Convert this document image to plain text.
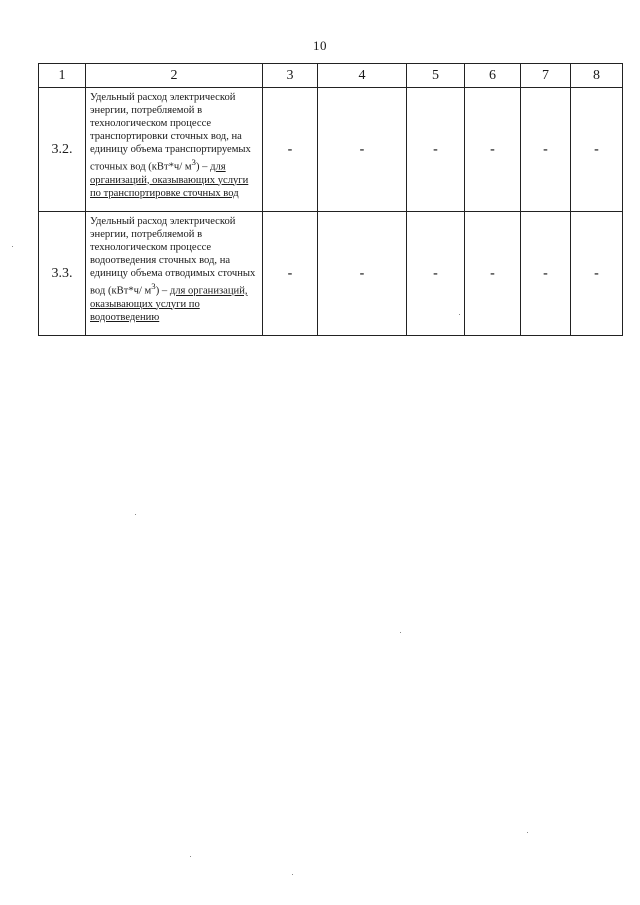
10
1	2	3	4	5	6	7	8
3.2.	Удельный расход электрической энергии, потребляемой в технологическом процессе транспортировки сточных вод, на единицу объема транспортируемых сточных вод (кВт*ч/ $м^3$) – для организаций, оказывающих услуги по транспортировке сточных вод	-	-	-	-	-	-
3.3.	Удельный расход электрической энергии, потребляемой в технологическом процессе водоотведения сточных вод, на единицу объема отводимых сточных вод (кВт*ч/ $м^3$) – для организаций, оказывающих услуги по водоотведению	-	-	-	-	-	-
